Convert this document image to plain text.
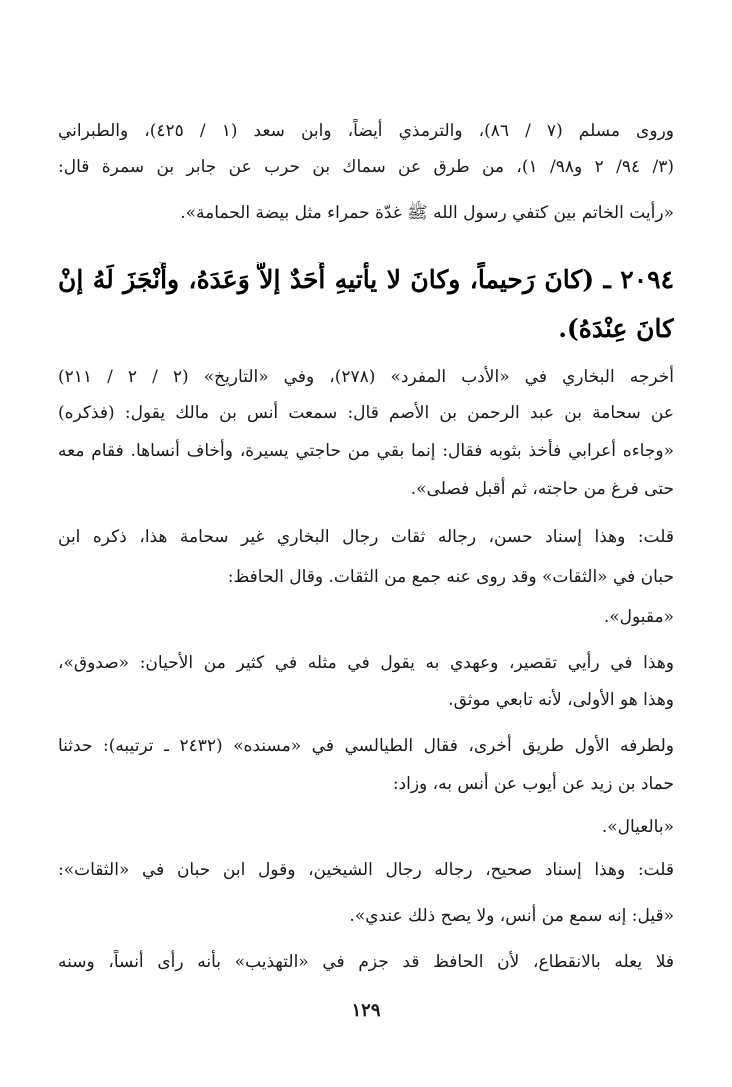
وروى مسلم (٧ / ٨٦)، والترمذي أيضاً، وابن سعد (١ / ٤٢٥)، والطبراني
(٣/ ٩٤/ ٢ و٩٨/ ١)، من طرق عن سماك بن حرب عن جابر بن سمرة قال:
«رأيت الخاتم بين كتفي رسول الله ﷺ غدّة حمراء مثل بيضة الحمامة».
٢٠٩٤ ـ (كانَ رَحيماً، وكانَ لا يأْتيهِ أَحَدٌ إلاَّ وَعَدَهُ، وأَنْجَزَ لَهُ إنْ
كانَ عِنْدَهُ).
أخرجه البخاري في «الأدب المفرد» (٢٧٨)، وفي «التاريخ» (٢ / ٢ / ٢١١)
عن سحامة بن عبد الرحمن بن الأصم قال: سمعت أنس بن مالك يقول: (فذكره)
«وجاءه أعرابي فأخذ بثوبه فقال: إنما بقي من حاجتي يسيرة، وأخاف أنساها. فقام معه
حتى فرغ من حاجته، ثم أقبل فصلى».
قلت: وهذا إسناد حسن، رجاله ثقات رجال البخاري غير سحامة هذا، ذكره ابن
حبان في «الثقات» وقد روى عنه جمع من الثقات. وقال الحافظ:
«مقبول».
وهذا في رأيي تقصير، وعهدي به يقول في مثله في كثير من الأحيان: «صدوق»،
وهذا هو الأولى، لأنه تابعي موثق.
ولطرفه الأول طريق أخرى، فقال الطيالسي في «مسنده» (٢٤٣٢ ـ ترتيبه): حدثنا
حماد بن زيد عن أيوب عن أنس به، وزاد:
«بالعيال».
قلت: وهذا إسناد صحيح، رجاله رجال الشيخين، وقول ابن حبان في «الثقات»:
«قيل: إنه سمع من أنس، ولا يصح ذلك عندي».
فلا يعله بالانقطاع، لأن الحافظ قد جزم في «التهذيب» بأنه رأى أنساً، وسنه
١٢٩
